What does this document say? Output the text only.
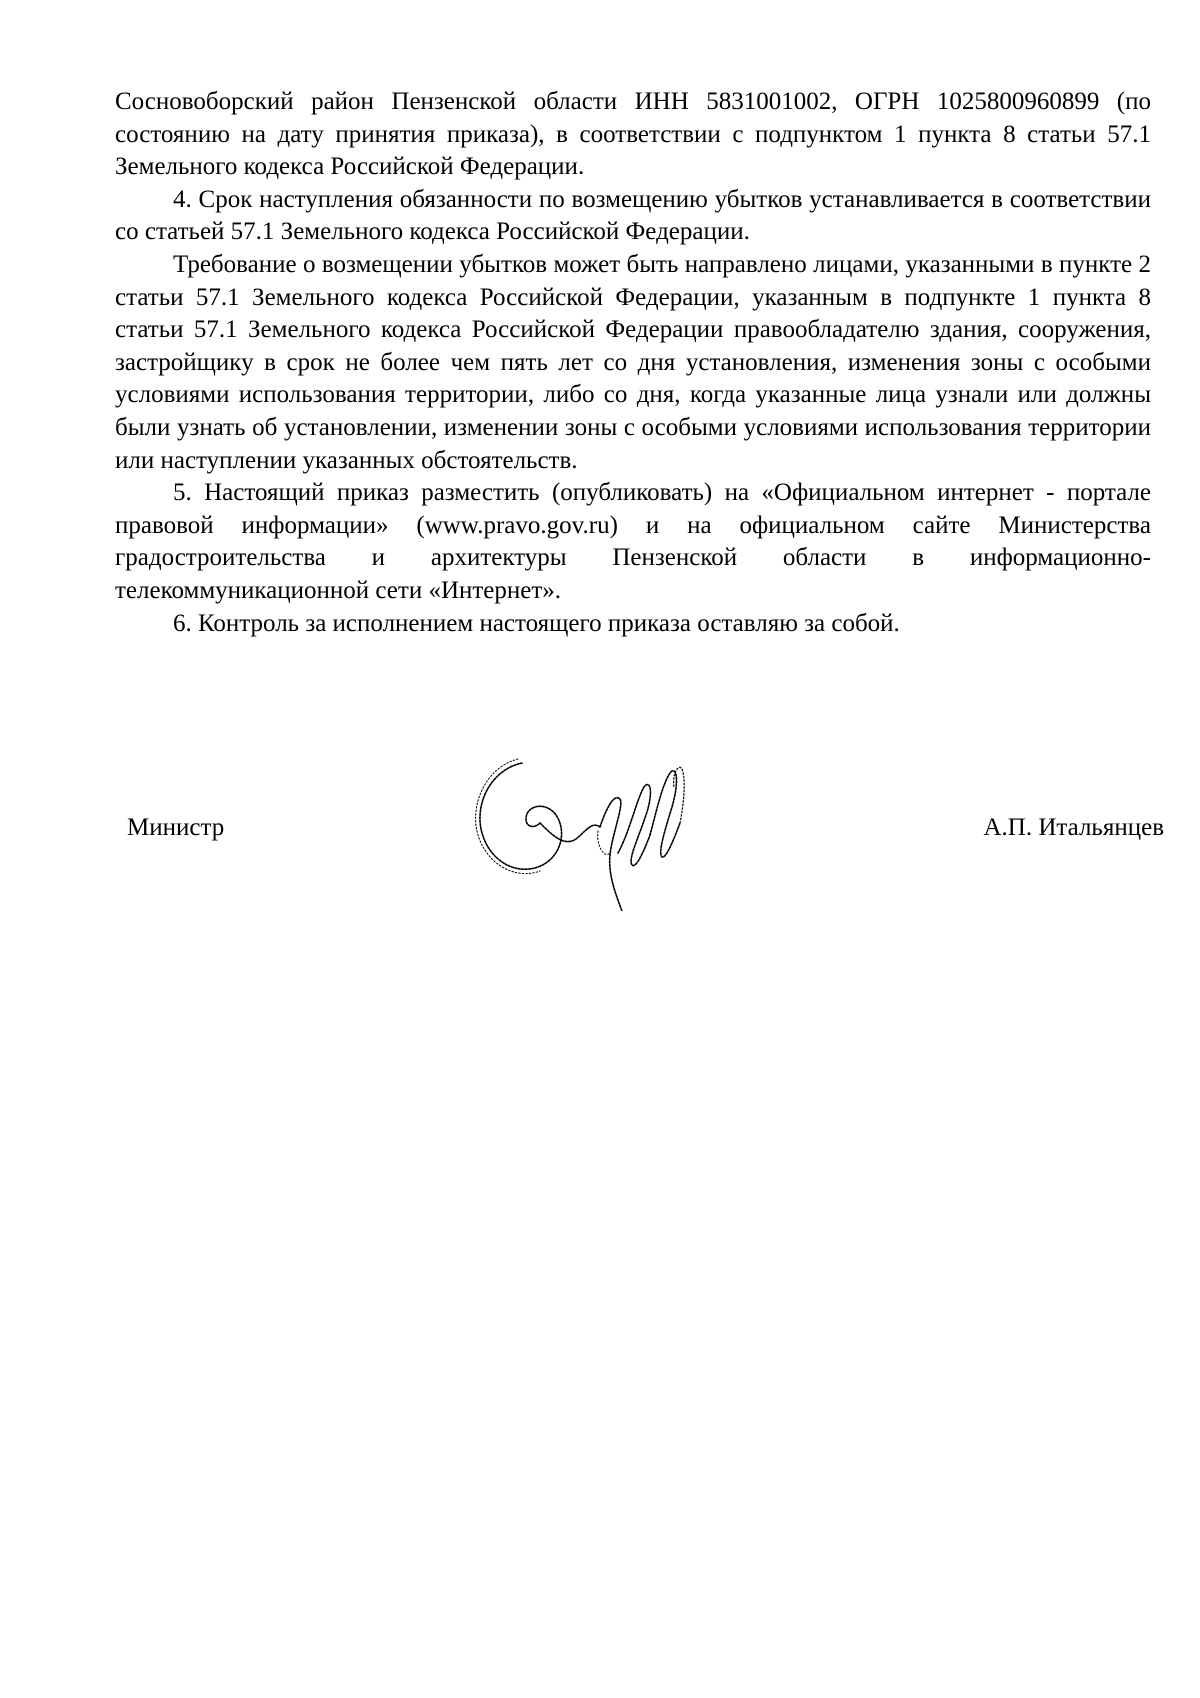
Сосновоборский район Пензенской области ИНН 5831001002, ОГРН 1025800960899 (по состоянию на дату принятия приказа), в соответствии с подпунктом 1 пункта 8 статьи 57.1 Земельного кодекса Российской Федерации.

4. Срок наступления обязанности по возмещению убытков устанавливается в соответствии со статьей 57.1 Земельного кодекса Российской Федерации.

Требование о возмещении убытков может быть направлено лицами, указанными в пункте 2 статьи 57.1 Земельного кодекса Российской Федерации, указанным в подпункте 1 пункта 8 статьи 57.1 Земельного кодекса Российской Федерации правообладателю здания, сооружения, застройщику в срок не более чем пять лет со дня установления, изменения зоны с особыми условиями использования территории, либо со дня, когда указанные лица узнали или должны были узнать об установлении, изменении зоны с особыми условиями использования территории или наступлении указанных обстоятельств.

5. Настоящий приказ разместить (опубликовать) на «Официальном интернет - портале правовой информации» (www.pravo.gov.ru) и на официальном сайте Министерства градостроительства и архитектуры Пензенской области в информационно-телекоммуникационной сети «Интернет».

6. Контроль за исполнением настоящего приказа оставляю за собой.

Министр	А.П. Итальянцев
